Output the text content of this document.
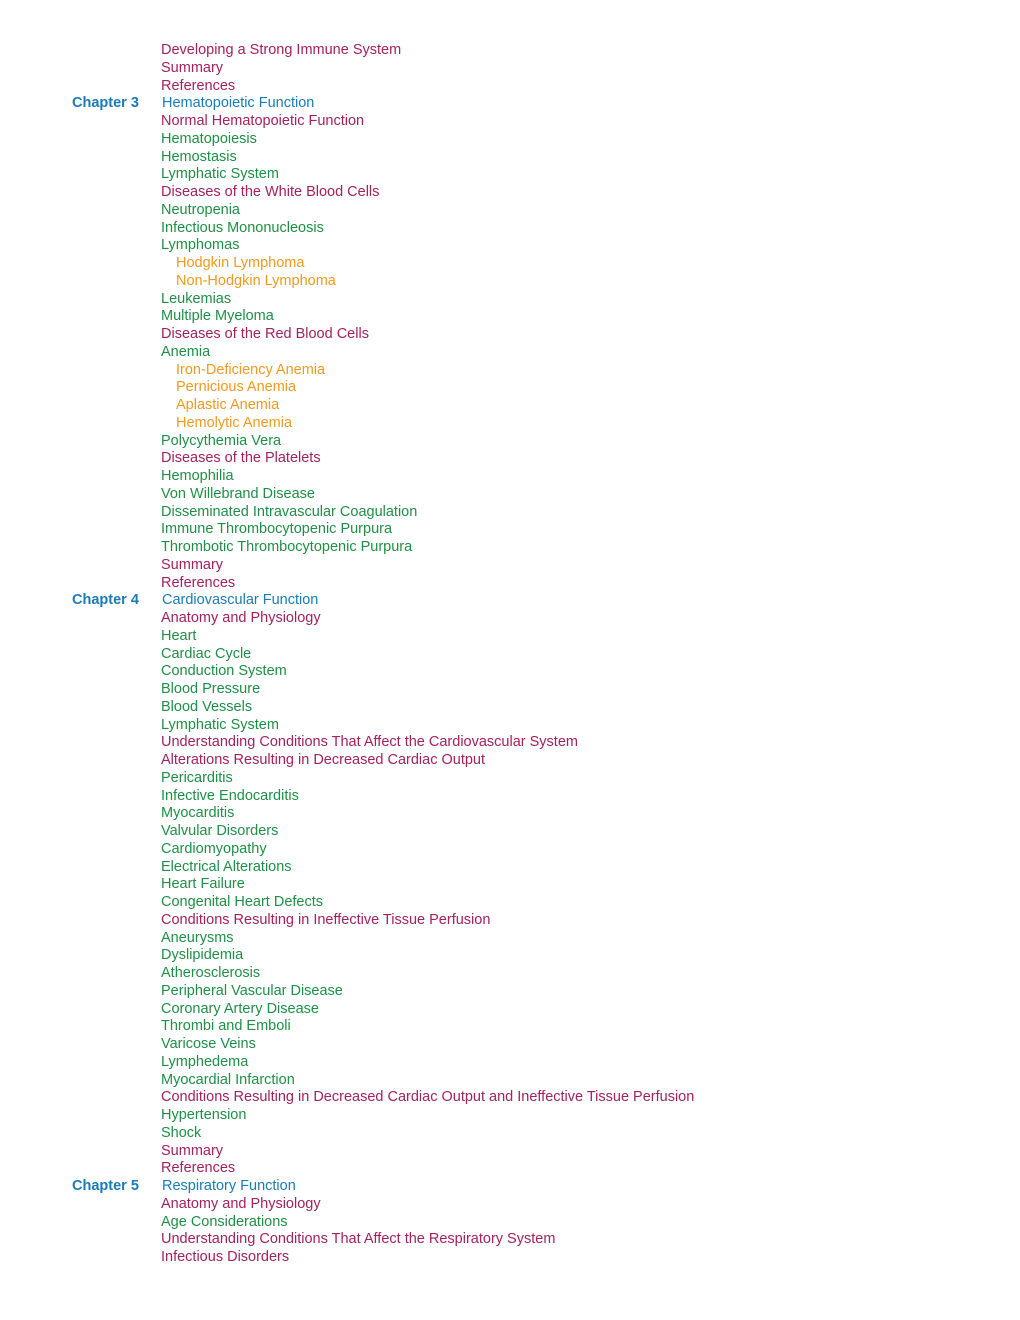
Developing a Strong Immune System
Summary
References
Chapter 3 Hematopoietic Function
Normal Hematopoietic Function
Hematopoiesis
Hemostasis
Lymphatic System
Diseases of the White Blood Cells
Neutropenia
Infectious Mononucleosis
Lymphomas
Hodgkin Lymphoma
Non-Hodgkin Lymphoma
Leukemias
Multiple Myeloma
Diseases of the Red Blood Cells
Anemia
Iron-Deficiency Anemia
Pernicious Anemia
Aplastic Anemia
Hemolytic Anemia
Polycythemia Vera
Diseases of the Platelets
Hemophilia
Von Willebrand Disease
Disseminated Intravascular Coagulation
Immune Thrombocytopenic Purpura
Thrombotic Thrombocytopenic Purpura
Summary
References
Chapter 4 Cardiovascular Function
Anatomy and Physiology
Heart
Cardiac Cycle
Conduction System
Blood Pressure
Blood Vessels
Lymphatic System
Understanding Conditions That Affect the Cardiovascular System
Alterations Resulting in Decreased Cardiac Output
Pericarditis
Infective Endocarditis
Myocarditis
Valvular Disorders
Cardiomyopathy
Electrical Alterations
Heart Failure
Congenital Heart Defects
Conditions Resulting in Ineffective Tissue Perfusion
Aneurysms
Dyslipidemia
Atherosclerosis
Peripheral Vascular Disease
Coronary Artery Disease
Thrombi and Emboli
Varicose Veins
Lymphedema
Myocardial Infarction
Conditions Resulting in Decreased Cardiac Output and Ineffective Tissue Perfusion
Hypertension
Shock
Summary
References
Chapter 5 Respiratory Function
Anatomy and Physiology
Age Considerations
Understanding Conditions That Affect the Respiratory System
Infectious Disorders
